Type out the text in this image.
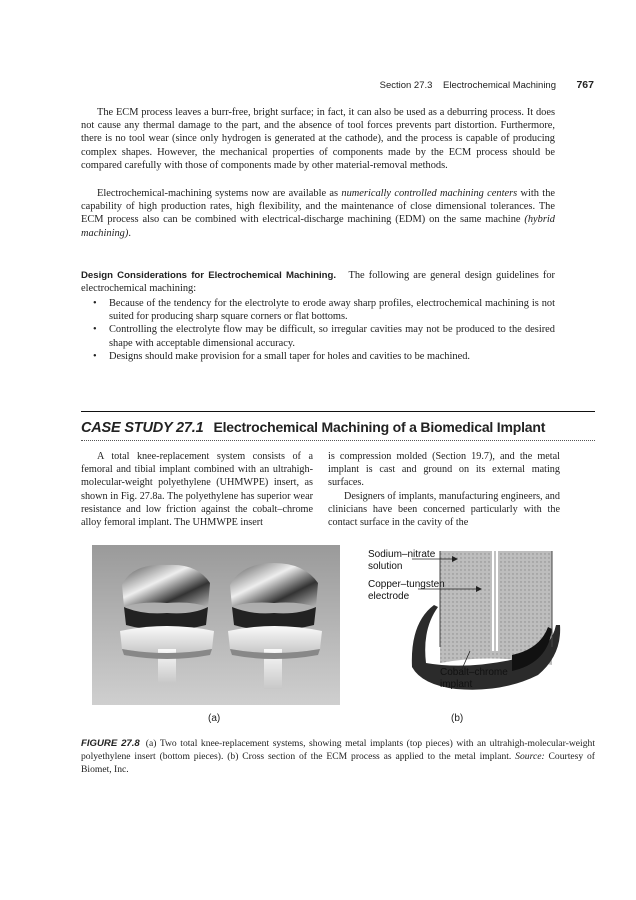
Section 27.3 Electrochemical Machining 767
The ECM process leaves a burr-free, bright surface; in fact, it can also be used as a deburring process. It does not cause any thermal damage to the part, and the absence of tool forces prevents part distortion. Furthermore, there is no tool wear (since only hydrogen is generated at the cathode), and the process is capable of producing complex shapes. However, the mechanical properties of components made by the ECM process should be compared carefully with those of components made by other material-removal methods.
Electrochemical-machining systems now are available as numerically controlled machining centers with the capability of high production rates, high flexibility, and the maintenance of close dimensional tolerances. The ECM process also can be combined with electrical-discharge machining (EDM) on the same machine (hybrid machining).
Design Considerations for Electrochemical Machining. The following are general design guidelines for electrochemical machining:
• Because of the tendency for the electrolyte to erode away sharp profiles, electrochemical machining is not suited for producing sharp square corners or flat bottoms.
• Controlling the electrolyte flow may be difficult, so irregular cavities may not be produced to the desired shape with acceptable dimensional accuracy.
• Designs should make provision for a small taper for holes and cavities to be machined.
CASE STUDY 27.1 Electrochemical Machining of a Biomedical Implant

A total knee-replacement system consists of a femoral and tibial implant combined with an ultrahigh-molecular-weight polyethylene (UHMWPE) insert, as shown in Fig. 27.8a. The polyethylene has superior wear resistance and low friction against the cobalt–chrome alloy femoral implant. The UHMWPE insert

is compression molded (Section 19.7), and the metal implant is cast and ground on its external mating surfaces.

Designers of implants, manufacturing engineers, and clinicians have been concerned particularly with the contact surface in the cavity of the

Sodium–nitrate
solution
Copper–tungsten
electrode
Cobalt–chrome
implant
(a)	(b)
FIGURE 27.8 (a) Two total knee-replacement systems, showing metal implants (top pieces) with an ultrahigh-molecular-weight polyethylene insert (bottom pieces). (b) Cross section of the ECM process as applied to the metal implant. Source: Courtesy of Biomet, Inc.
